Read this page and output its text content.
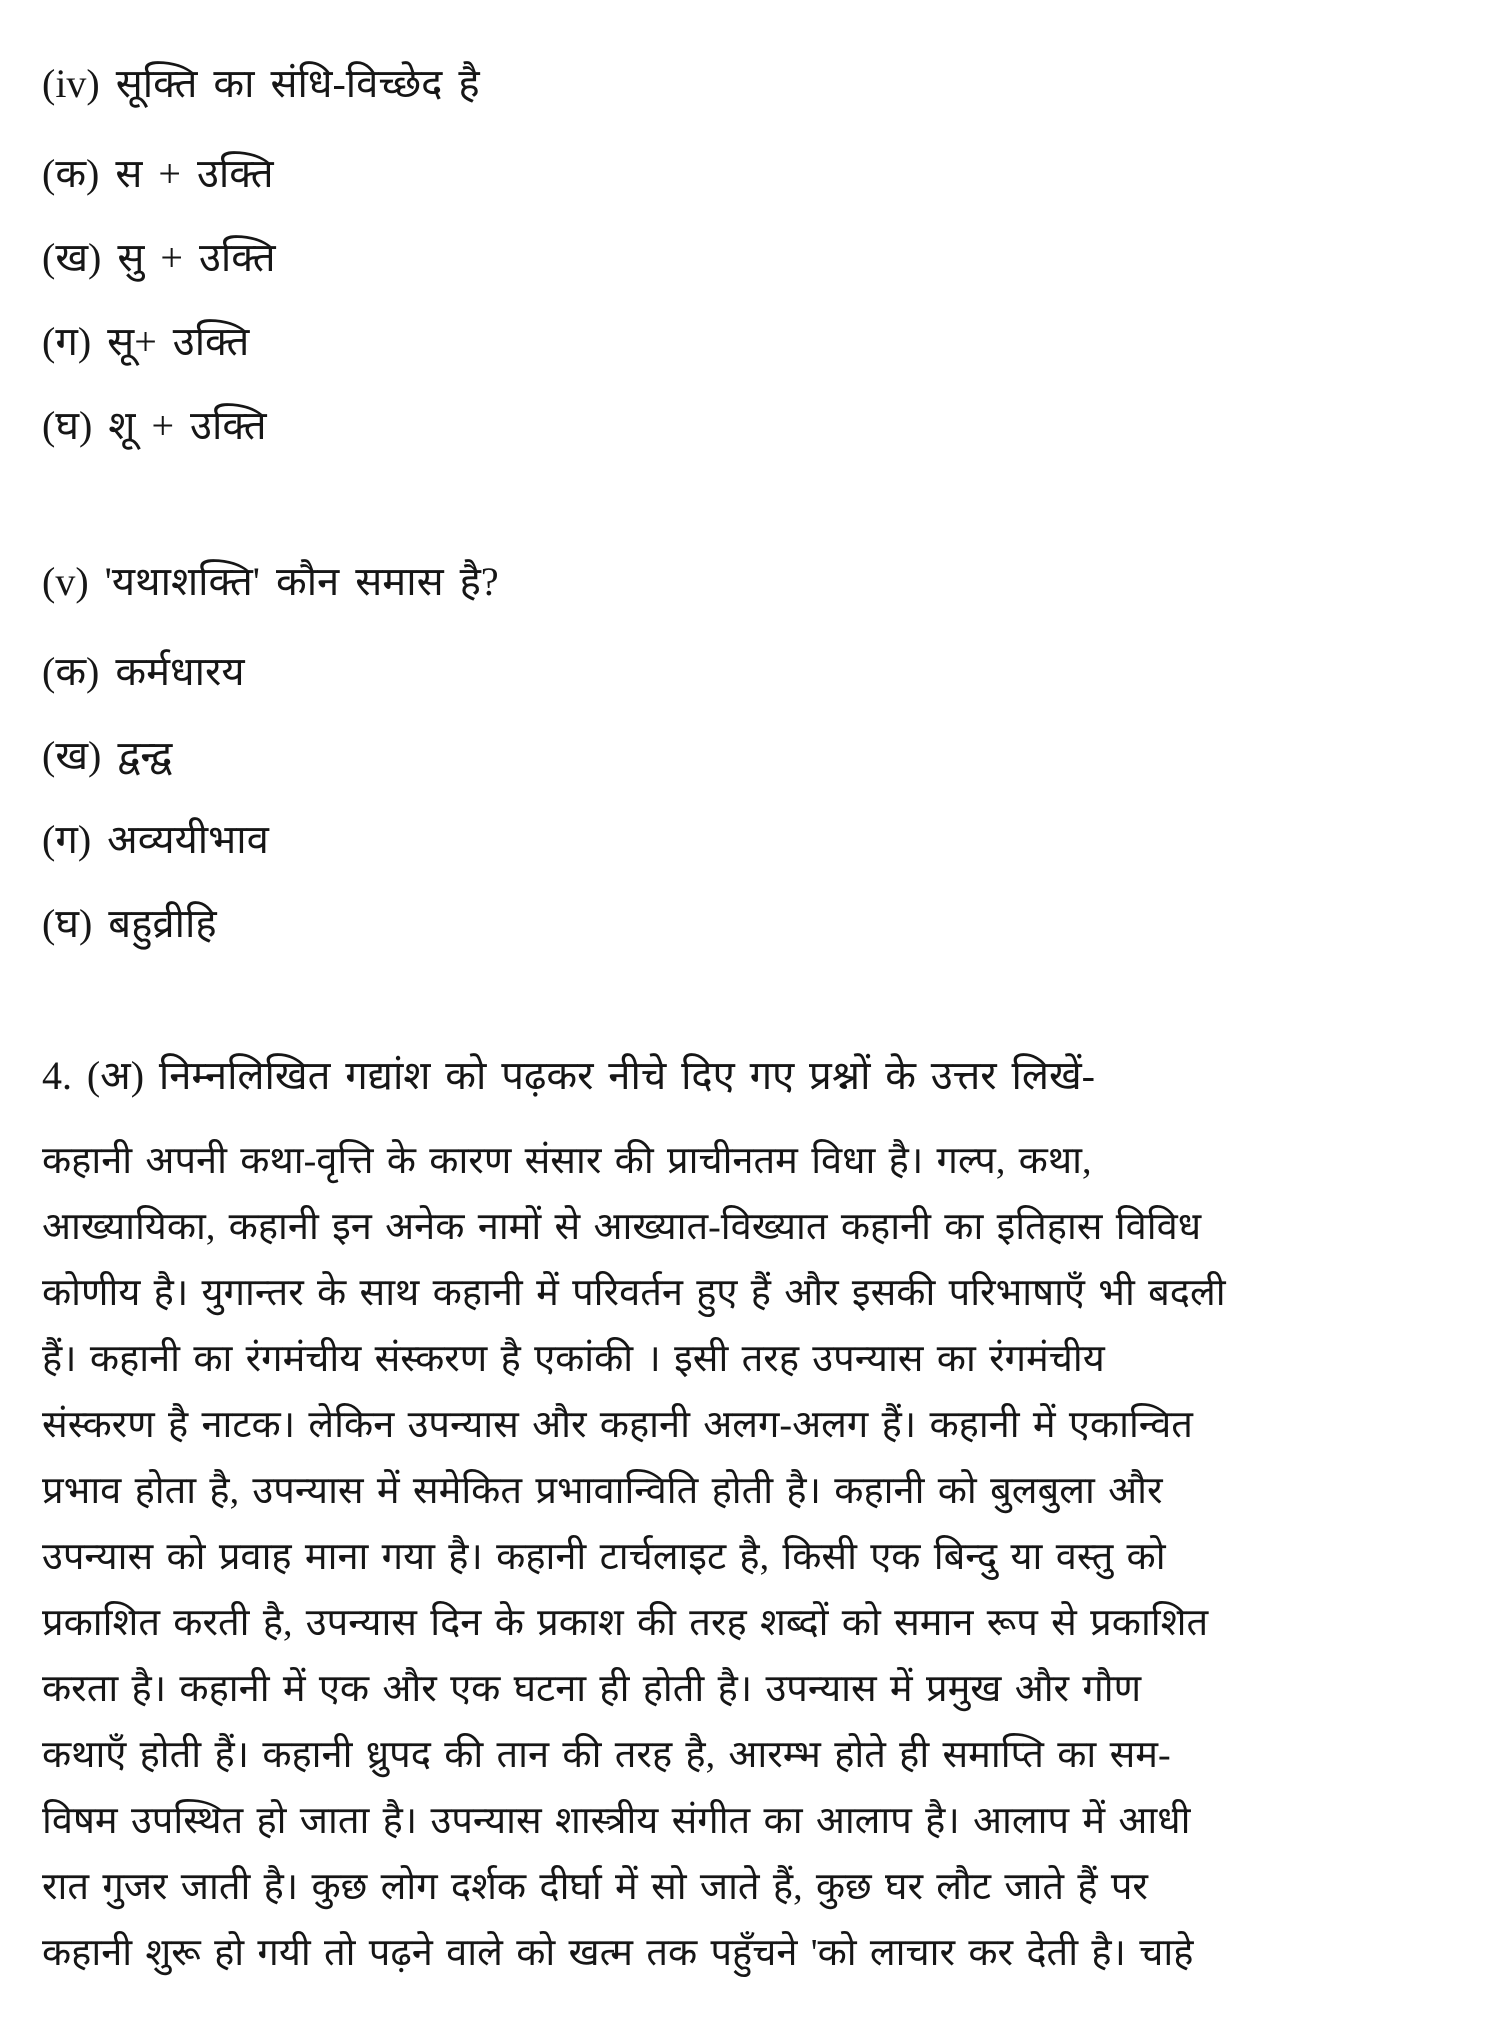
(iv) सूक्ति का संधि-विच्छेद है
(क) स + उक्ति
(ख) सु + उक्ति
(ग) सू+ उक्ति
(घ) शू + उक्ति
(v) 'यथाशक्ति' कौन समास है?
(क) कर्मधारय
(ख) द्वन्द्व
(ग) अव्ययीभाव
(घ) बहुव्रीहि
4. (अ) निम्नलिखित गद्यांश को पढ़कर नीचे दिए गए प्रश्नों के उत्तर लिखें-
कहानी अपनी कथा-वृत्ति के कारण संसार की प्राचीनतम विधा है। गल्प, कथा,
आख्यायिका, कहानी इन अनेक नामों से आख्यात-विख्यात कहानी का इतिहास विविध
कोणीय है। युगान्तर के साथ कहानी में परिवर्तन हुए हैं और इसकी परिभाषाएँ भी बदली
हैं। कहानी का रंगमंचीय संस्करण है एकांकी । इसी तरह उपन्यास का रंगमंचीय
संस्करण है नाटक। लेकिन उपन्यास और कहानी अलग-अलग हैं। कहानी में एकान्वित
प्रभाव होता है, उपन्यास में समेकित प्रभावान्विति होती है। कहानी को बुलबुला और
उपन्यास को प्रवाह माना गया है। कहानी टार्चलाइट है, किसी एक बिन्दु या वस्तु को
प्रकाशित करती है, उपन्यास दिन के प्रकाश की तरह शब्दों को समान रूप से प्रकाशित
करता है। कहानी में एक और एक घटना ही होती है। उपन्यास में प्रमुख और गौण
कथाएँ होती हैं। कहानी ध्रुपद की तान की तरह है, आरम्भ होते ही समाप्ति का सम-
विषम उपस्थित हो जाता है। उपन्यास शास्त्रीय संगीत का आलाप है। आलाप में आधी
रात गुजर जाती है। कुछ लोग दर्शक दीर्घा में सो जाते हैं, कुछ घर लौट जाते हैं पर
कहानी शुरू हो गयी तो पढ़ने वाले को खत्म तक पहुँचने 'को लाचार कर देती है। चाहे
